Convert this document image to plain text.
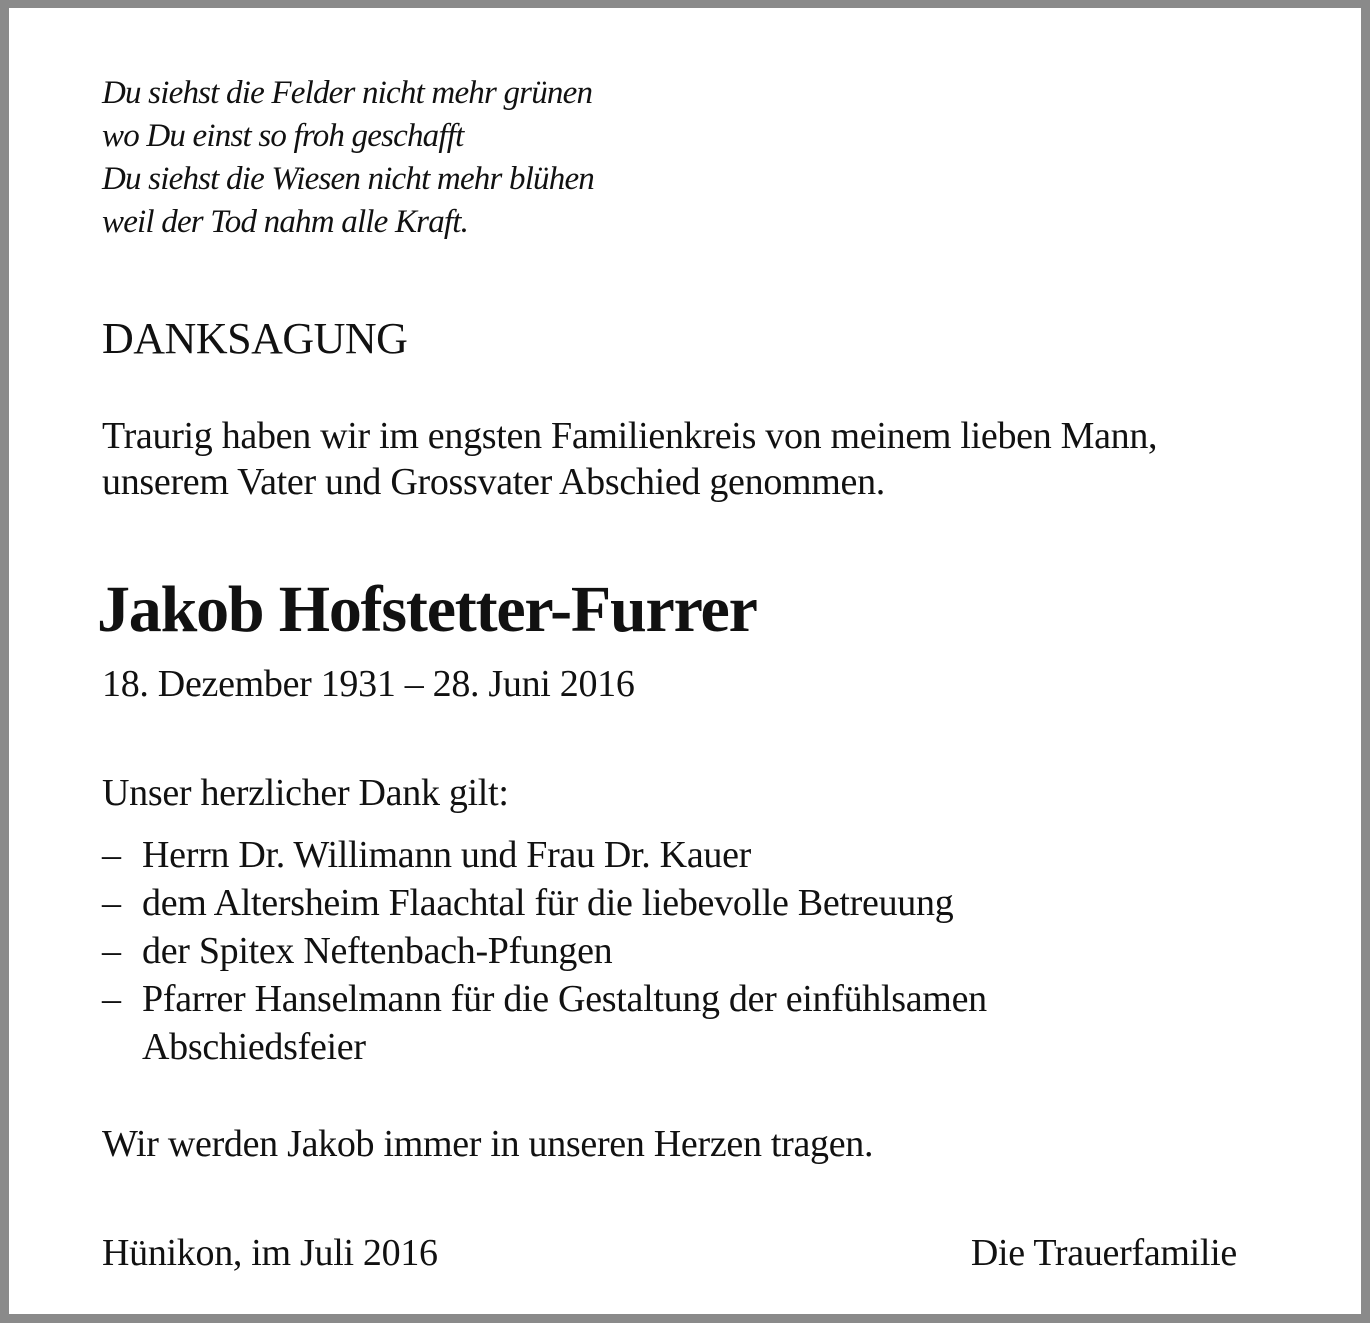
Du siehst die Felder nicht mehr grünen
wo Du einst so froh geschafft
Du siehst die Wiesen nicht mehr blühen
weil der Tod nahm alle Kraft.
DANKSAGUNG
Traurig haben wir im engsten Familienkreis von meinem lieben Mann,
unserem Vater und Grossvater Abschied genommen.
Jakob Hofstetter-Furrer
18. Dezember 1931 – 28. Juni 2016
Unser herzlicher Dank gilt:
– Herrn Dr. Willimann und Frau Dr. Kauer
– dem Altersheim Flaachtal für die liebevolle Betreuung
– der Spitex Neftenbach-Pfungen
– Pfarrer Hanselmann für die Gestaltung der einfühlsamen
Abschiedsfeier
Wir werden Jakob immer in unseren Herzen tragen.
Hünikon, im Juli 2016	Die Trauerfamilie
